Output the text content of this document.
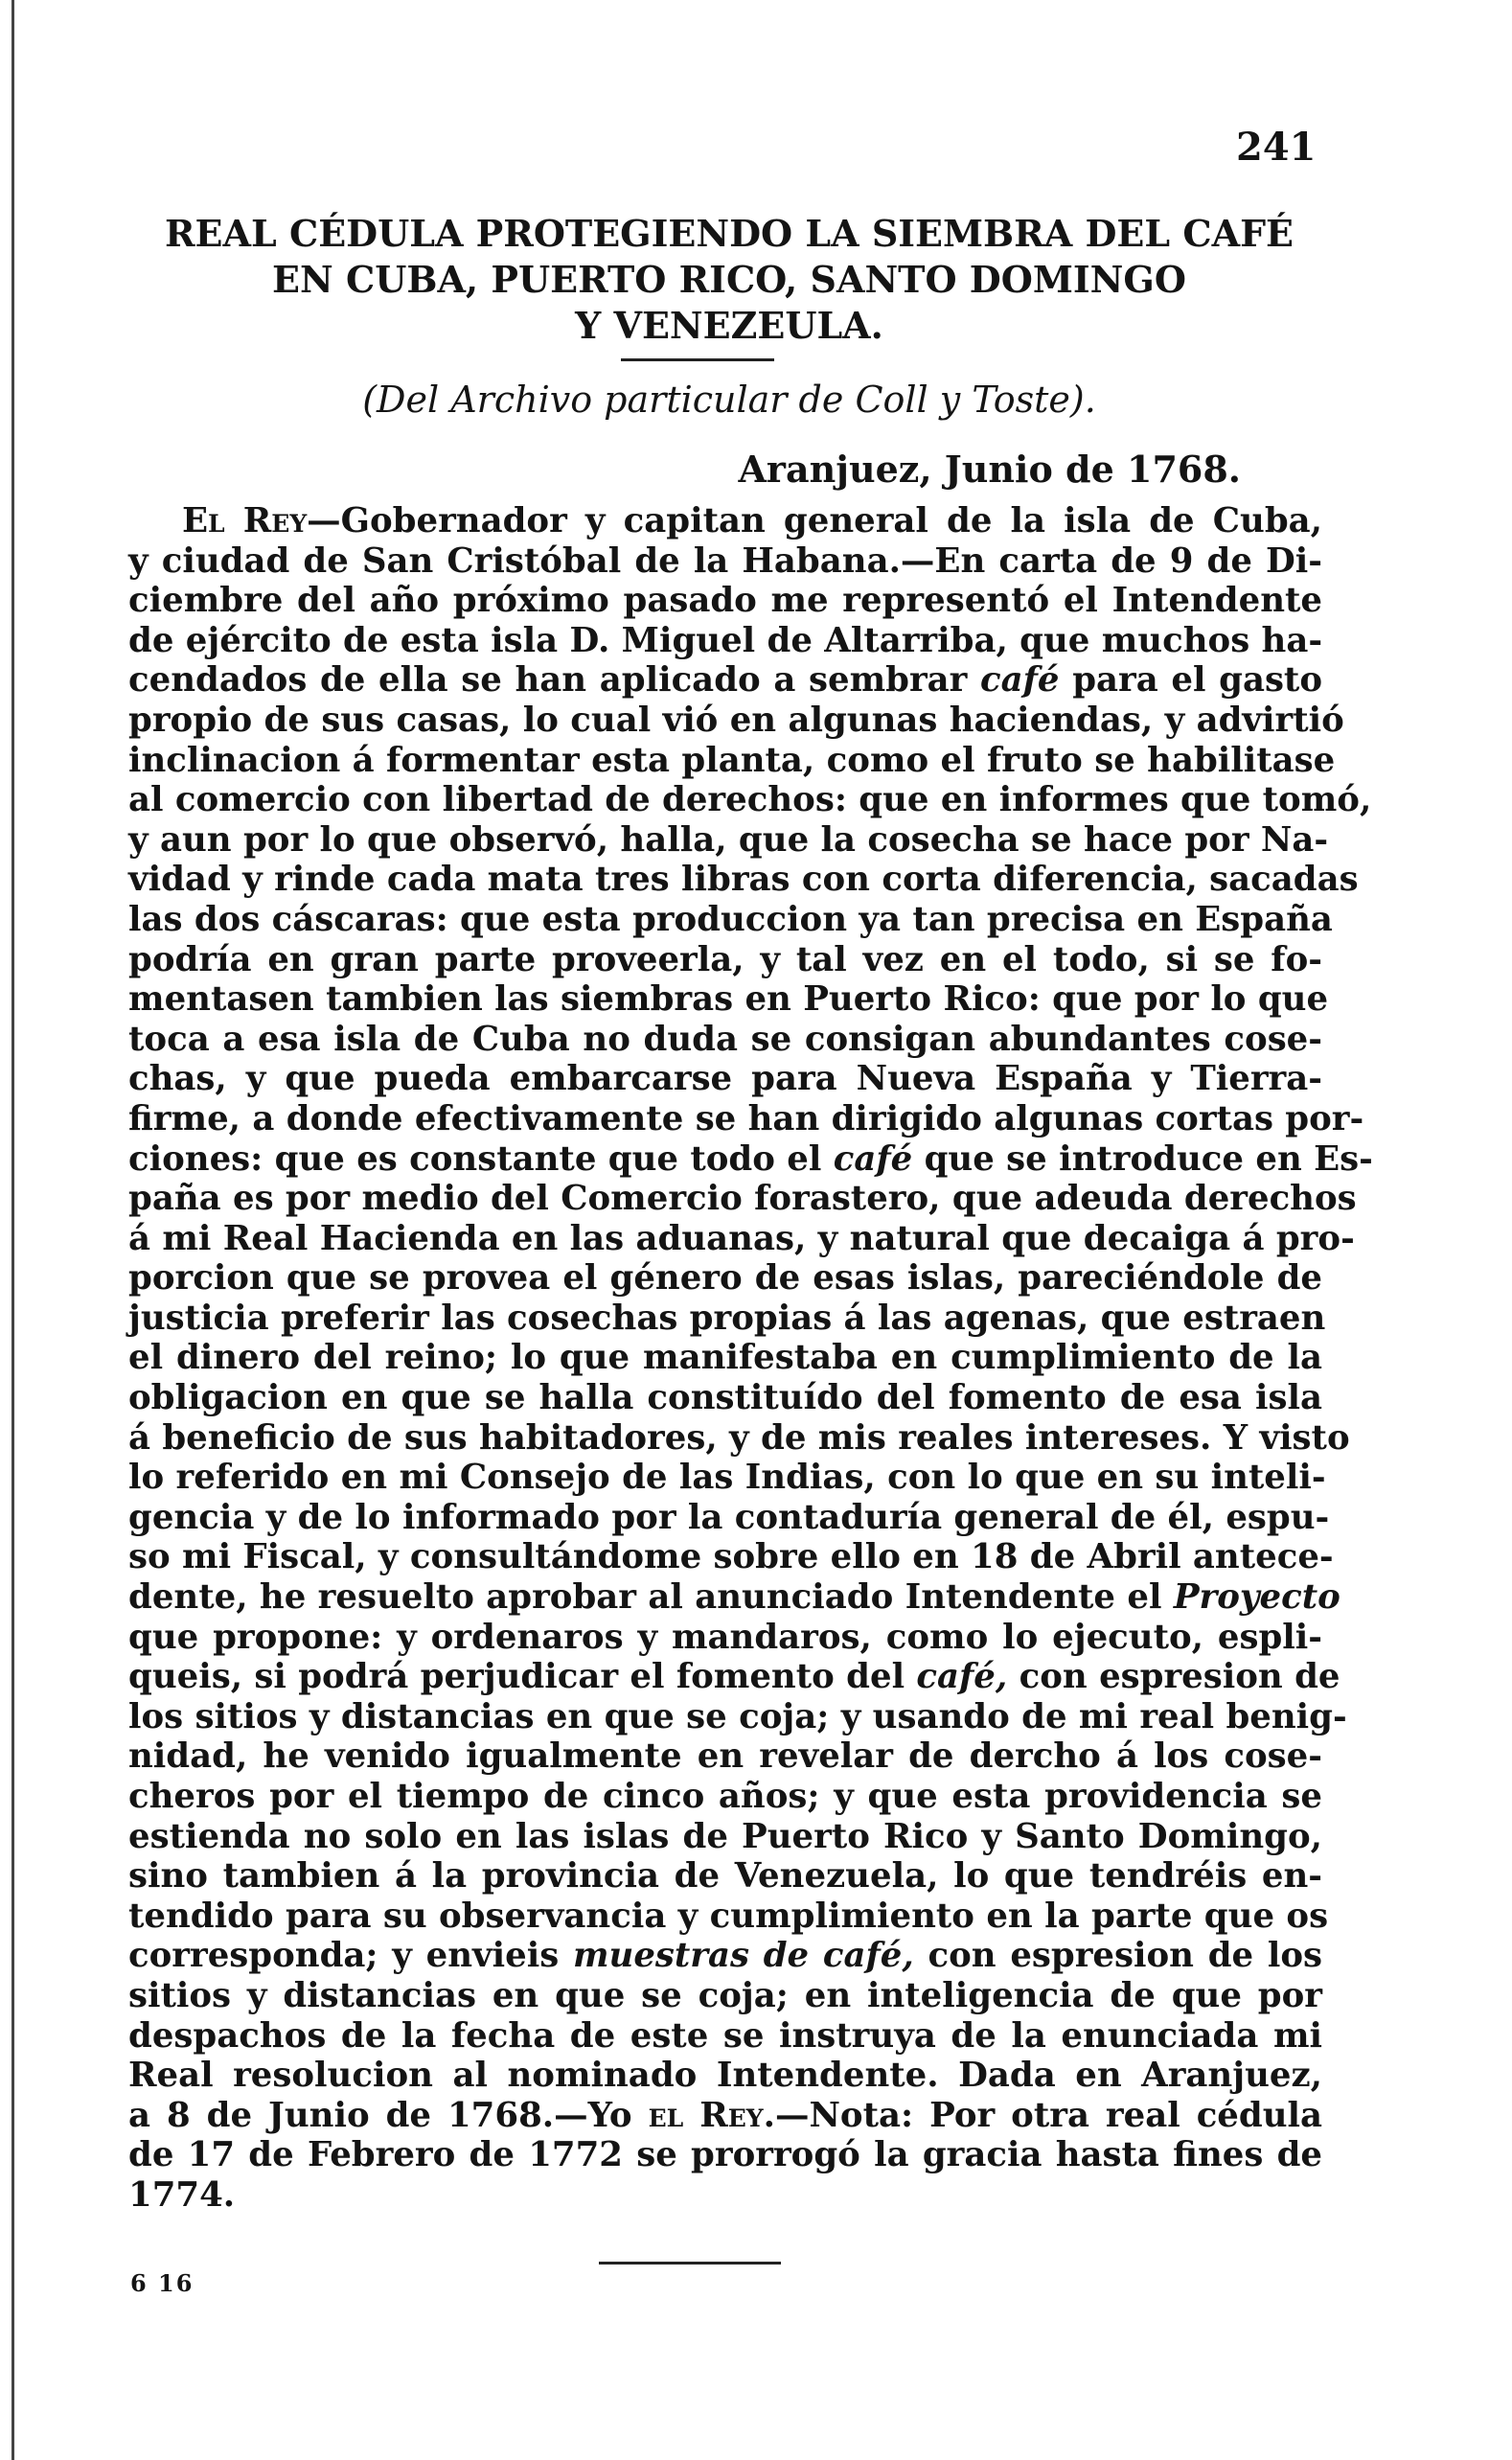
241
REAL CÉDULA PROTEGIENDO LA SIEMBRA DEL CAFÉ
EN CUBA, PUERTO RICO, SANTO DOMINGO
Y VENEZEULA.
(Del Archivo particular de Coll y Toste).
Aranjuez, Junio de 1768.
El Rey—Gobernador y capitan general de la isla de Cuba,
y ciudad de San Cristóbal de la Habana.—En carta de 9 de Di-
ciembre del año próximo pasado me representó el Intendente
de ejército de esta isla D. Miguel de Altarriba, que muchos ha-
cendados de ella se han aplicado a sembrar café para el gasto
propio de sus casas, lo cual vió en algunas haciendas, y advirtió
inclinacion á formentar esta planta, como el fruto se habilitase
al comercio con libertad de derechos: que en informes que tomó,
y aun por lo que observó, halla, que la cosecha se hace por Na-
vidad y rinde cada mata tres libras con corta diferencia, sacadas
las dos cáscaras: que esta produccion ya tan precisa en España
podría en gran parte proveerla, y tal vez en el todo, si se fo-
mentasen tambien las siembras en Puerto Rico: que por lo que
toca a esa isla de Cuba no duda se consigan abundantes cose-
chas, y que pueda embarcarse para Nueva España y Tierra-
firme, a donde efectivamente se han dirigido algunas cortas por-
ciones: que es constante que todo el café que se introduce en Es-
paña es por medio del Comercio forastero, que adeuda derechos
á mi Real Hacienda en las aduanas, y natural que decaiga á pro-
porcion que se provea el género de esas islas, pareciéndole de
justicia preferir las cosechas propias á las agenas, que estraen
el dinero del reino; lo que manifestaba en cumplimiento de la
obligacion en que se halla constituído del fomento de esa isla
á beneficio de sus habitadores, y de mis reales intereses. Y visto
lo referido en mi Consejo de las Indias, con lo que en su inteli-
gencia y de lo informado por la contaduría general de él, espu-
so mi Fiscal, y consultándome sobre ello en 18 de Abril antece-
dente, he resuelto aprobar al anunciado Intendente el Proyecto
que propone: y ordenaros y mandaros, como lo ejecuto, espli-
queis, si podrá perjudicar el fomento del café, con espresion de
los sitios y distancias en que se coja; y usando de mi real benig-
nidad, he venido igualmente en revelar de dercho á los cose-
cheros por el tiempo de cinco años; y que esta providencia se
estienda no solo en las islas de Puerto Rico y Santo Domingo,
sino tambien á la provincia de Venezuela, lo que tendréis en-
tendido para su observancia y cumplimiento en la parte que os
corresponda; y envieis muestras de café, con espresion de los
sitios y distancias en que se coja; en inteligencia de que por
despachos de la fecha de este se instruya de la enunciada mi
Real resolucion al nominado Intendente. Dada en Aranjuez,
a 8 de Junio de 1768.—Yo el Rey.—Nota: Por otra real cédula
de 17 de Febrero de 1772 se prorrogó la gracia hasta fines de
1774.
6 16
